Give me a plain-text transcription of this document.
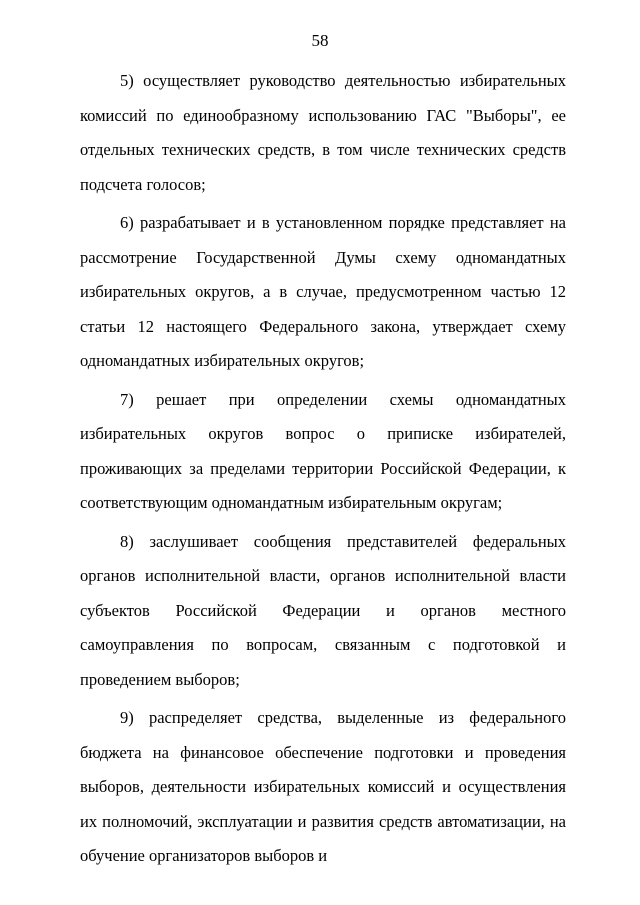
58

5) осуществляет руководство деятельностью избирательных комиссий по единообразному использованию ГАС "Выборы", ее отдельных технических средств, в том числе технических средств подсчета голосов;

6) разрабатывает и в установленном порядке представляет на рассмотрение Государственной Думы схему одномандатных избирательных округов, а в случае, предусмотренном частью 12 статьи 12 настоящего Федерального закона, утверждает схему одномандатных избирательных округов;

7) решает при определении схемы одномандатных избирательных округов вопрос о приписке избирателей, проживающих за пределами территории Российской Федерации, к соответствующим одномандатным избирательным округам;

8) заслушивает сообщения представителей федеральных органов исполнительной власти, органов исполнительной власти субъектов Российской Федерации и органов местного самоуправления по вопросам, связанным с подготовкой и проведением выборов;

9) распределяет средства, выделенные из федерального бюджета на финансовое обеспечение подготовки и проведения выборов, деятельности избирательных комиссий и осуществления их полномочий, эксплуатации и развития средств автоматизации, на обучение организаторов выборов и
